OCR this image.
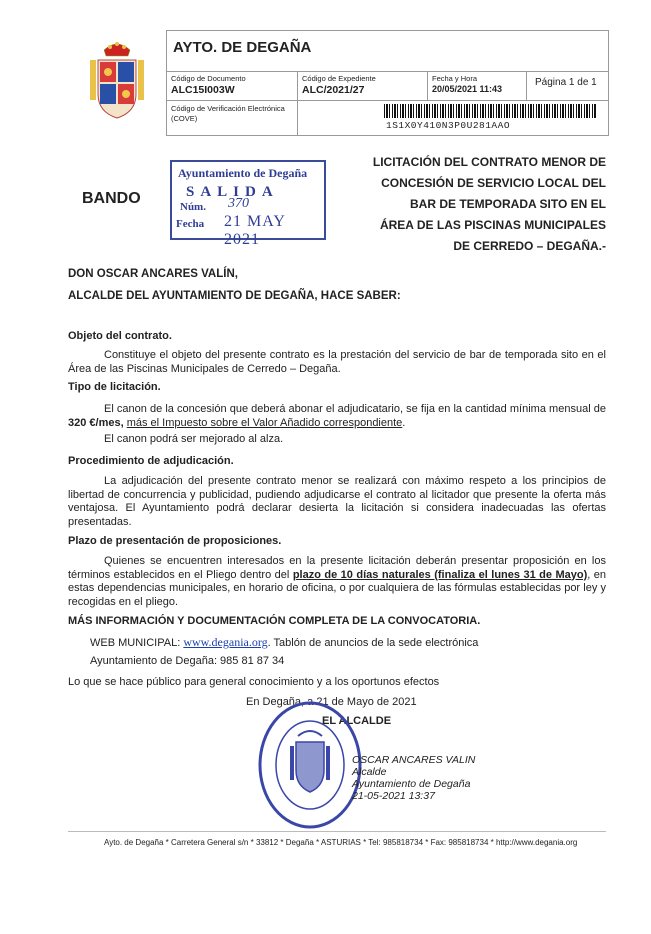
AYTO. DE DEGAÑA
Código de Documento
ALC15I003W
Código de Expediente
ALC/2021/27
Fecha y Hora
20/05/2021 11:43
Página 1 de 1
Código de Verificación Electrónica
(COVE)
1S1X0Y410N3P0U281AAO
Ayuntamiento de Degaña
SALIDA
Núm. 370
Fecha 21 MAY 2021
BANDO
LICITACIÓN DEL CONTRATO MENOR DE
CONCESIÓN DE SERVICIO LOCAL DEL
BAR DE TEMPORADA SITO EN EL
ÁREA DE LAS PISCINAS MUNICIPALES
DE CERREDO – DEGAÑA.-
DON OSCAR ANCARES VALÍN,
ALCALDE DEL AYUNTAMIENTO DE DEGAÑA, HACE SABER:
Objeto del contrato.
Constituye el objeto del presente contrato es la prestación del servicio de bar de temporada sito en el Área de las Piscinas Municipales de Cerredo – Degaña.
Tipo de licitación.
El canon de la concesión que deberá abonar el adjudicatario, se fija en la cantidad mínima mensual de 320 €/mes, más el Impuesto sobre el Valor Añadido correspondiente.
El canon podrá ser mejorado al alza.
Procedimiento de adjudicación.
La adjudicación del presente contrato menor se realizará con máximo respeto a los principios de libertad de concurrencia y publicidad, pudiendo adjudicarse el contrato al licitador que presente la oferta más ventajosa. El Ayuntamiento podrá declarar desierta la licitación si considera inadecuadas las ofertas presentadas.
Plazo de presentación de proposiciones.
Quienes se encuentren interesados en la presente licitación deberán presentar proposición en los términos establecidos en el Pliego dentro del plazo de 10 días naturales (finaliza el lunes 31 de Mayo), en estas dependencias municipales, en horario de oficina, o por cualquiera de las fórmulas establecidas por ley y recogidas en el pliego.
MÁS INFORMACIÓN Y DOCUMENTACIÓN COMPLETA DE LA CONVOCATORIA.
WEB MUNICIPAL: www.degania.org. Tablón de anuncios de la sede electrónica
Ayuntamiento de Degaña: 985 81 87 34
Lo que se hace público para general conocimiento y a los oportunos efectos
En Degaña, a 21 de Mayo de 2021
EL ALCALDE
OSCAR ANCARES VALIN
Alcalde
Ayuntamiento de Degaña
21-05-2021 13:37
Ayto. de Degaña * Carretera General s/n * 33812 * Degaña * ASTURIAS * Tel: 985818734 * Fax: 985818734 * http://www.degania.org
